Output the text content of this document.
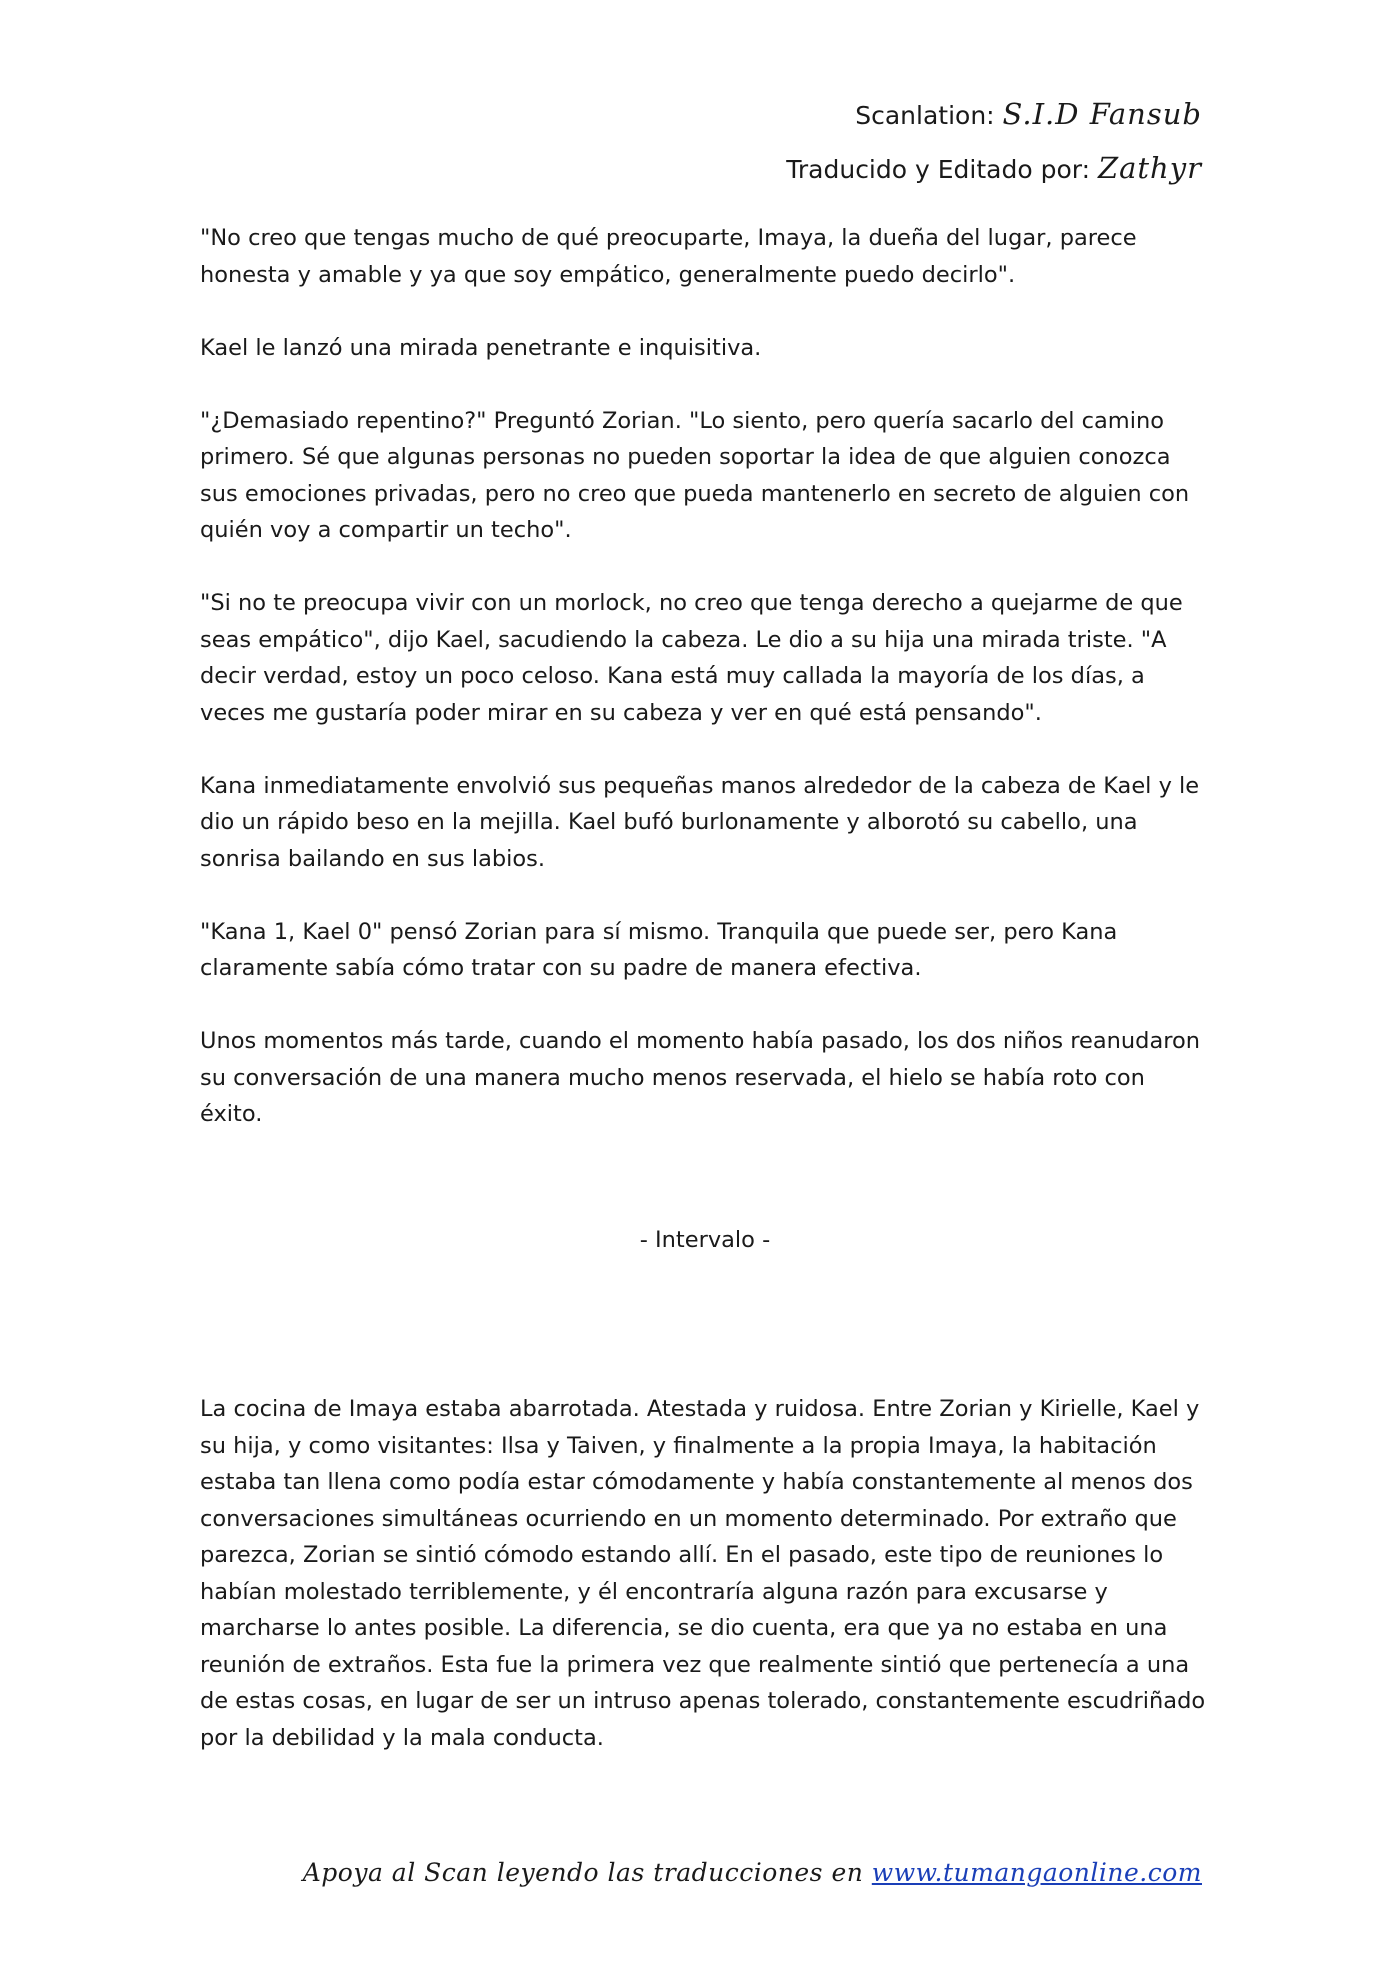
Scanlation: S.I.D Fansub
Traducido y Editado por: Zathyr

"No creo que tengas mucho de qué preocuparte, Imaya, la dueña del lugar, parece honesta y amable y ya que soy empático, generalmente puedo decirlo".

Kael le lanzó una mirada penetrante e inquisitiva.

"¿Demasiado repentino?" Preguntó Zorian. "Lo siento, pero quería sacarlo del camino primero. Sé que algunas personas no pueden soportar la idea de que alguien conozca sus emociones privadas, pero no creo que pueda mantenerlo en secreto de alguien con quién voy a compartir un techo".

"Si no te preocupa vivir con un morlock, no creo que tenga derecho a quejarme de que seas empático", dijo Kael, sacudiendo la cabeza. Le dio a su hija una mirada triste. "A decir verdad, estoy un poco celoso. Kana está muy callada la mayoría de los días, a veces me gustaría poder mirar en su cabeza y ver en qué está pensando".

Kana inmediatamente envolvió sus pequeñas manos alrededor de la cabeza de Kael y le dio un rápido beso en la mejilla. Kael bufó burlonamente y alborotó su cabello, una sonrisa bailando en sus labios.

"Kana 1, Kael 0" pensó Zorian para sí mismo. Tranquila que puede ser, pero Kana claramente sabía cómo tratar con su padre de manera efectiva.

Unos momentos más tarde, cuando el momento había pasado, los dos niños reanudaron su conversación de una manera mucho menos reservada, el hielo se había roto con éxito.

- Intervalo -

La cocina de Imaya estaba abarrotada. Atestada y ruidosa. Entre Zorian y Kirielle, Kael y su hija, y como visitantes: Ilsa y Taiven, y finalmente a la propia Imaya, la habitación estaba tan llena como podía estar cómodamente y había constantemente al menos dos conversaciones simultáneas ocurriendo en un momento determinado. Por extraño que parezca, Zorian se sintió cómodo estando allí. En el pasado, este tipo de reuniones lo habían molestado terriblemente, y él encontraría alguna razón para excusarse y marcharse lo antes posible. La diferencia, se dio cuenta, era que ya no estaba en una reunión de extraños. Esta fue la primera vez que realmente sintió que pertenecía a una de estas cosas, en lugar de ser un intruso apenas tolerado, constantemente escudriñado por la debilidad y la mala conducta.

Apoya al Scan leyendo las traducciones en www.tumangaonline.com
